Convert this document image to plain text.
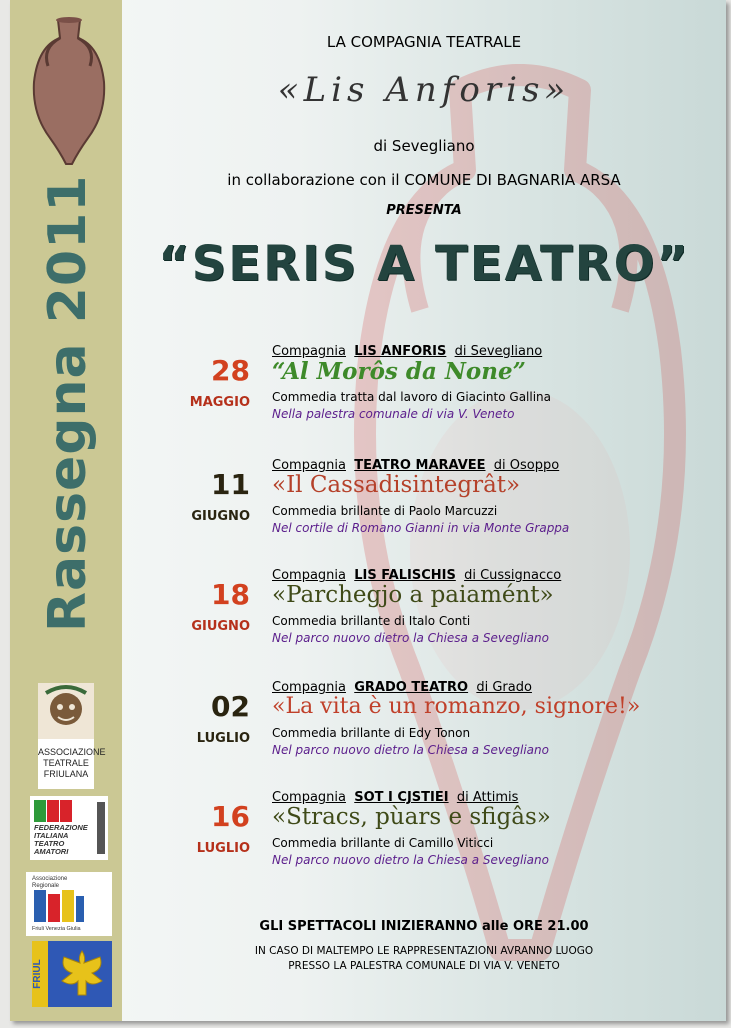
Rassegna 2011
ASSOCIAZIONE
TEATRALE
FRIULANA
FEDERAZIONE
ITALIANA
TEATRO
AMATORI
Associazione
Regionale
Friuli Venezia Giulia
FRIUL
LA COMPAGNIA TEATRALE
«Lis Anforis»
di Sevegliano
in collaborazione con il COMUNE DI BAGNARIA ARSA
PRESENTA
“SERIS A TEATRO”
28
MAGGIO
Compagnia LIS ANFORIS di Sevegliano
“Al Morôs da None”
Commedia tratta dal lavoro di Giacinto Gallina
Nella palestra comunale di via V. Veneto
11
GIUGNO
Compagnia TEATRO MARAVEE di Osoppo
«Il Cassadisintegrât»
Commedia brillante di Paolo Marcuzzi
Nel cortile di Romano Gianni in via Monte Grappa
18
GIUGNO
Compagnia LIS FALISCHIS di Cussignacco
«Parchegjo a paiamént»
Commedia brillante di Italo Conti
Nel parco nuovo dietro la Chiesa a Sevegliano
02
LUGLIO
Compagnia GRADO TEATRO di Grado
«La vita è un romanzo, signore!»
Commedia brillante di Edy Tonon
Nel parco nuovo dietro la Chiesa a Sevegliano
16
LUGLIO
Compagnia SOT I CJSTIEI di Attimis
«Stracs, pùars e sfigâs»
Commedia brillante di Camillo Viticci
Nel parco nuovo dietro la Chiesa a Sevegliano
GLI SPETTACOLI INIZIERANNO alle ORE 21.00
IN CASO DI MALTEMPO LE RAPPRESENTAZIONI AVRANNO LUOGO
PRESSO LA PALESTRA COMUNALE DI VIA V. VENETO
